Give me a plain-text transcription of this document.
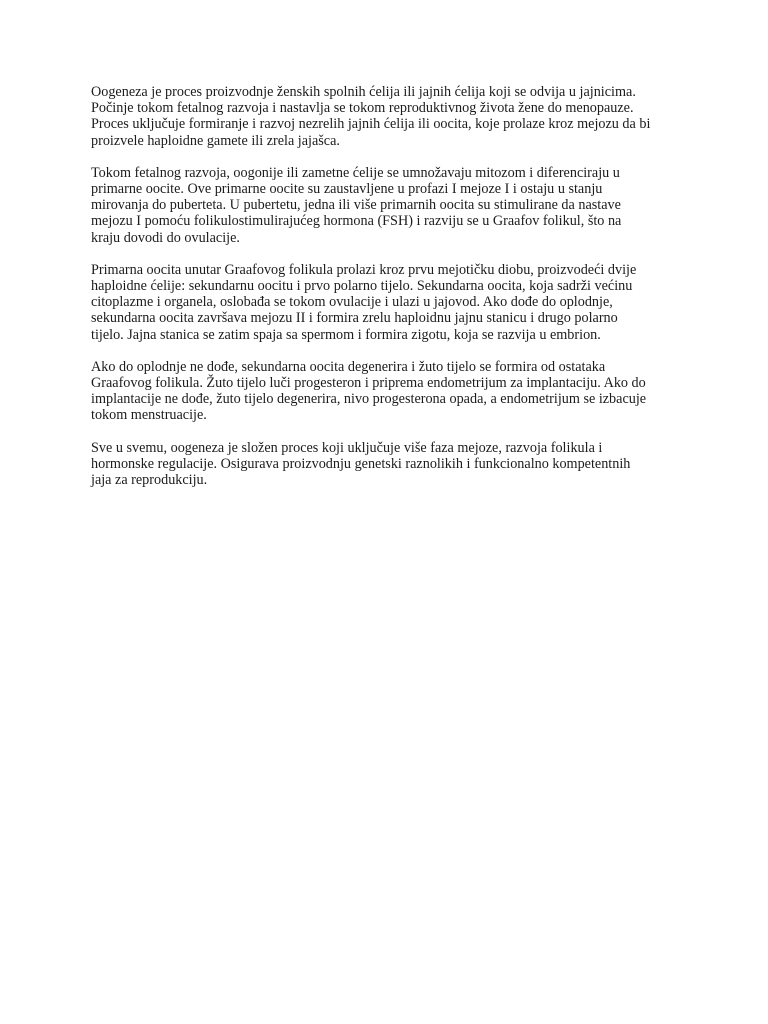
Oogeneza je proces proizvodnje ženskih spolnih ćelija ili jajnih ćelija koji se odvija u jajnicima.
Počinje tokom fetalnog razvoja i nastavlja se tokom reproduktivnog života žene do menopauze.
Proces uključuje formiranje i razvoj nezrelih jajnih ćelija ili oocita, koje prolaze kroz mejozu da bi
proizvele haploidne gamete ili zrela jajašca.

Tokom fetalnog razvoja, oogonije ili zametne ćelije se umnožavaju mitozom i diferenciraju u
primarne oocite. Ove primarne oocite su zaustavljene u profazi I mejoze I i ostaju u stanju
mirovanja do puberteta. U pubertetu, jedna ili više primarnih oocita su stimulirane da nastave
mejozu I pomoću folikulostimulirajućeg hormona (FSH) i razviju se u Graafov folikul, što na
kraju dovodi do ovulacije.

Primarna oocita unutar Graafovog folikula prolazi kroz prvu mejotičku diobu, proizvodeći dvije
haploidne ćelije: sekundarnu oocitu i prvo polarno tijelo. Sekundarna oocita, koja sadrži većinu
citoplazme i organela, oslobađa se tokom ovulacije i ulazi u jajovod. Ako dođe do oplodnje,
sekundarna oocita završava mejozu II i formira zrelu haploidnu jajnu stanicu i drugo polarno
tijelo. Jajna stanica se zatim spaja sa spermom i formira zigotu, koja se razvija u embrion.

Ako do oplodnje ne dođe, sekundarna oocita degenerira i žuto tijelo se formira od ostataka
Graafovog folikula. Žuto tijelo luči progesteron i priprema endometrijum za implantaciju. Ako do
implantacije ne dođe, žuto tijelo degenerira, nivo progesterona opada, a endometrijum se izbacuje
tokom menstruacije.

Sve u svemu, oogeneza je složen proces koji uključuje više faza mejoze, razvoja folikula i
hormonske regulacije. Osigurava proizvodnju genetski raznolikih i funkcionalno kompetentnih
jaja za reprodukciju.
